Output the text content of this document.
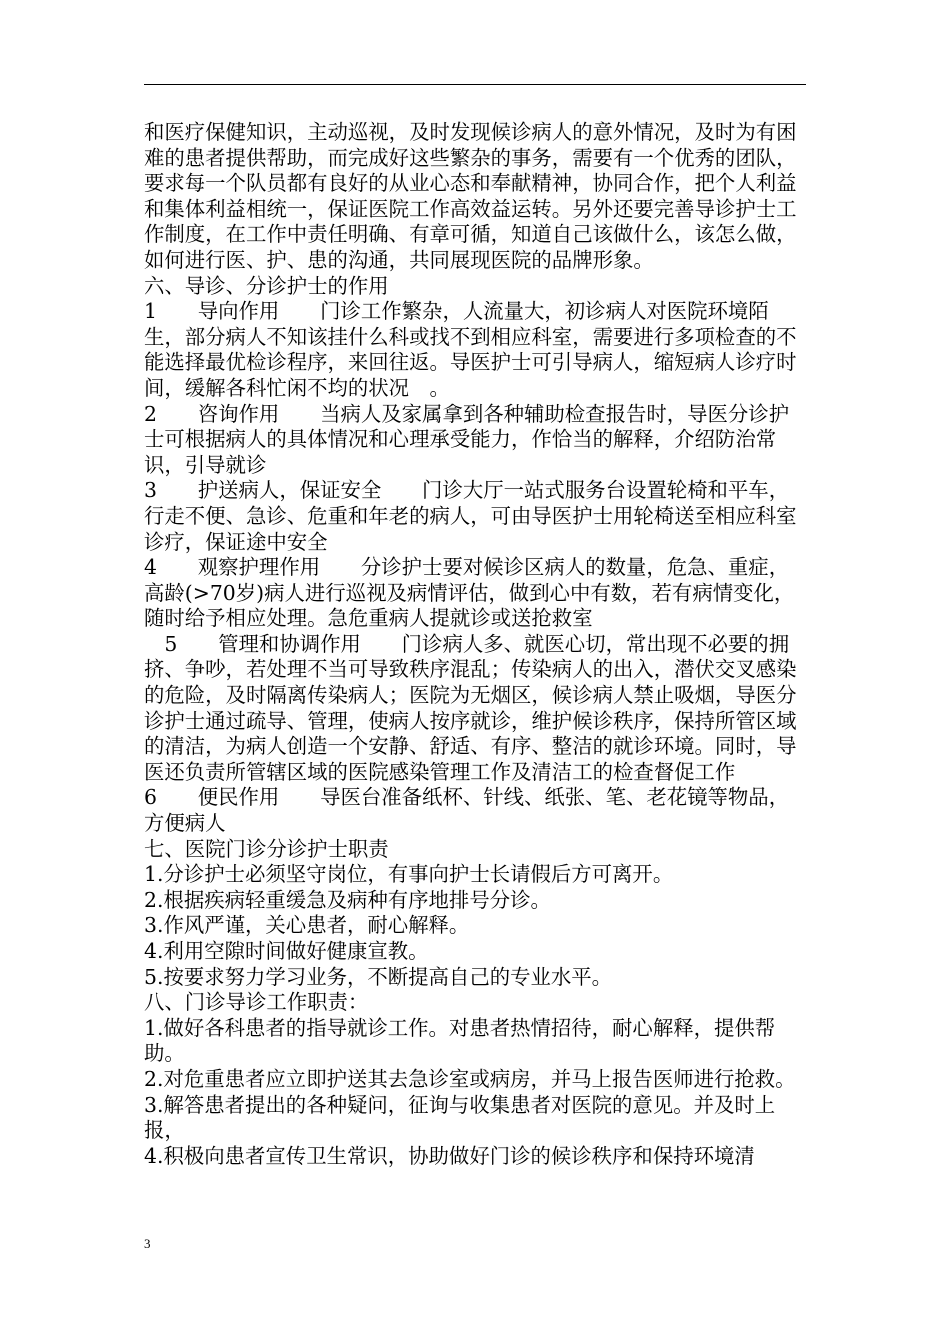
和医疗保健知识，主动巡视，及时发现候诊病人的意外情况，及时为有困难的患者提供帮助，而完成好这些繁杂的事务，需要有一个优秀的团队，要求每一个队员都有良好的从业心态和奉献精神，协同合作，把个人利益和集体利益相统一，保证医院工作高效益运转。另外还要完善导诊护士工作制度，在工作中责任明确、有章可循，知道自己该做什么，该怎么做，如何进行医、护、患的沟通，共同展现医院的品牌形象。

六、导诊、分诊护士的作用

1　　导向作用　　门诊工作繁杂，人流量大，初诊病人对医院环境陌生，部分病人不知该挂什么科或找不到相应科室，需要进行多项检查的不能选择最优检诊程序，来回往返。导医护士可引导病人，缩短病人诊疗时间，缓解各科忙闲不均的状况　。

2　　咨询作用　　当病人及家属拿到各种辅助检查报告时，导医分诊护士可根据病人的具体情况和心理承受能力，作恰当的解释，介绍防治常识，引导就诊

3　　护送病人，保证安全　　门诊大厅一站式服务台设置轮椅和平车，行走不便、急诊、危重和年老的病人，可由导医护士用轮椅送至相应科室诊疗，保证途中安全

4　　观察护理作用　　分诊护士要对候诊区病人的数量，危急、重症，高龄(>70岁)病人进行巡视及病情评估，做到心中有数，若有病情变化，随时给予相应处理。急危重病人提就诊或送抢救室

　5　　管理和协调作用　　门诊病人多、就医心切，常出现不必要的拥挤、争吵，若处理不当可导致秩序混乱；传染病人的出入，潜伏交叉感染的危险，及时隔离传染病人；医院为无烟区，候诊病人禁止吸烟，导医分诊护士通过疏导、管理，使病人按序就诊，维护候诊秩序，保持所管区域的清洁，为病人创造一个安静、舒适、有序、整洁的就诊环境。同时，导医还负责所管辖区域的医院感染管理工作及清洁工的检查督促工作

6　　便民作用　　导医台准备纸杯、针线、纸张、笔、老花镜等物品，方便病人

七、医院门诊分诊护士职责

1.分诊护士必须坚守岗位，有事向护士长请假后方可离开。

2.根据疾病轻重缓急及病种有序地排号分诊。

3.作风严谨，关心患者，耐心解释。

4.利用空隙时间做好健康宣教。

5.按要求努力学习业务，不断提高自己的专业水平。

八、门诊导诊工作职责：

1.做好各科患者的指导就诊工作。对患者热情招待，耐心解释，提供帮助。

2.对危重患者应立即护送其去急诊室或病房，并马上报告医师进行抢救。

3.解答患者提出的各种疑问，征询与收集患者对医院的意见。并及时上报，

4.积极向患者宣传卫生常识，协助做好门诊的候诊秩序和保持环境清

3
